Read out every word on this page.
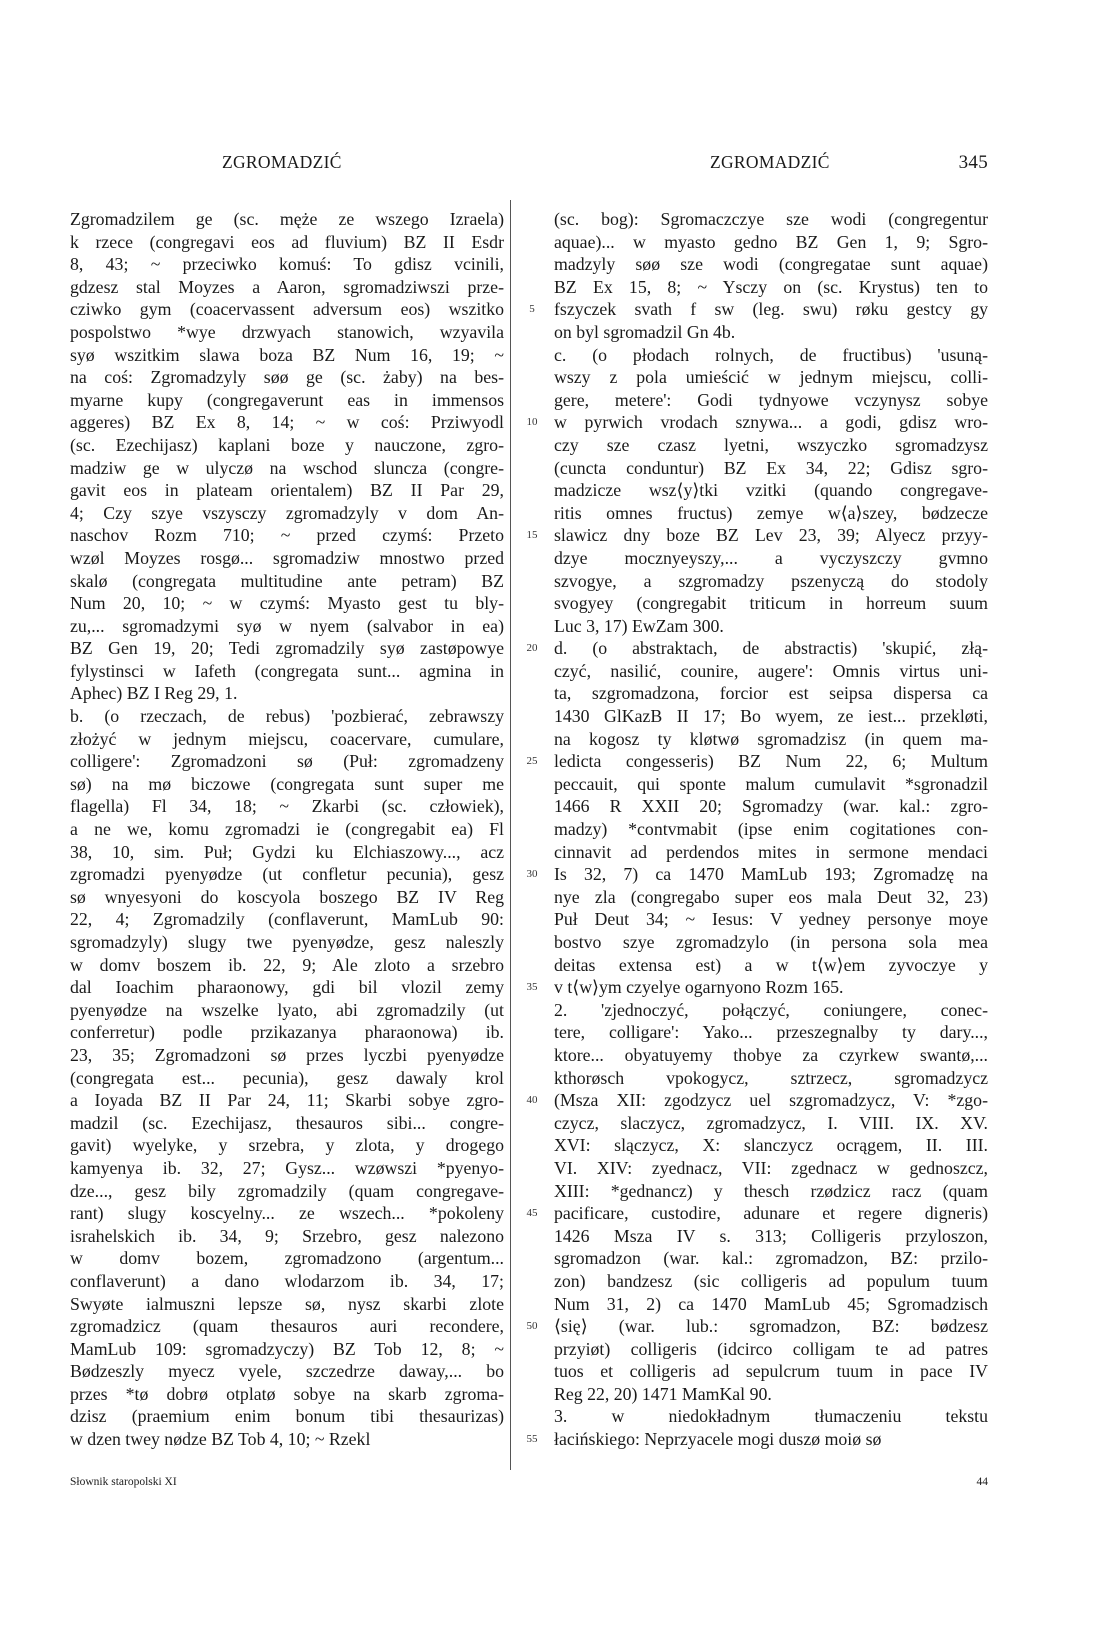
ZGROMADZIĆ	ZGROMADZIĆ	345
Zgromadzilem ge (sc. męże ze wszego Izraela)
k rzece (congregavi eos ad fluvium) BZ II Esdr
8, 43; ~ przeciwko komuś: To gdisz vcinili,
gdzesz stal Moyzes a Aaron, sgromadziwszi prze-
cziwko gym (coacervassent adversum eos) wszitko
pospolstwo *wye drzwyach stanowich, wzyavila
syø wszitkim slawa boza BZ Num 16, 19; ~
na coś: Zgromadzyly søø ge (sc. żaby) na bes-
myarne kupy (congregaverunt eas in immensos
aggeres) BZ Ex 8, 14; ~ w coś: Prziwyodl
(sc. Ezechijasz) kaplani boze y nauczone, zgro-
madziw ge w ulyczø na wschod sluncza (congre-
gavit eos in plateam orientalem) BZ II Par 29,
4; Czy szye vszysczy zgromadzyly v dom An-
naschov Rozm 710; ~ przed czymś: Przeto
wzøl Moyzes rosgø... sgromadziw mnostwo przed
skalø (congregata multitudine ante petram) BZ
Num 20, 10; ~ w czymś: Myasto gest tu bly-
zu,... sgromadzymi syø w nyem (salvabor in ea)
BZ Gen 19, 20; Tedi zgromadzily syø zastøpowye
fylystinsci w Iafeth (congregata sunt... agmina in
Aphec) BZ I Reg 29, 1.
b. (o rzeczach, de rebus) 'pozbierać, zebrawszy
złożyć w jednym miejscu, coacervare, cumulare,
colligere': Zgromadzoni sø (Puł: zgromadzeny
sø) na mø biczowe (congregata sunt super me
flagella) Fl 34, 18; ~ Zkarbi (sc. człowiek),
a ne we, komu zgromadzi ie (congregabit ea) Fl
38, 10, sim. Puł; Gydzi ku Elchiaszowy..., acz
zgromadzi pyenyødze (ut confletur pecunia), gesz
sø wnyesyoni do koscyola boszego BZ IV Reg
22, 4; Zgromadzily (conflaverunt, MamLub 90:
sgromadzyly) slugy twe pyenyødze, gesz naleszly
w domv boszem ib. 22, 9; Ale zloto a srzebro
dal Ioachim pharaonowy, gdi bil vlozil zemy
pyenyødze na wszelke lyato, abi zgromadzily (ut
conferretur) podle przikazanya pharaonowa) ib.
23, 35; Zgromadzoni sø przes lyczbi pyenyødze
(congregata est... pecunia), gesz dawaly krol
a Ioyada BZ II Par 24, 11; Skarbi sobye zgro-
madzil (sc. Ezechijasz, thesauros sibi... congre-
gavit) wyelyke, y srzebra, y zlota, y drogego
kamyenya ib. 32, 27; Gysz... wzøwszi *pyenyo-
dze..., gesz bily zgromadzily (quam congregave-
rant) slugy koscyelny... ze wszech... *pokoleny
israhelskich ib. 34, 9; Srzebro, gesz nalezono
w domv bozem, zgromadzono (argentum...
conflaverunt) a dano wlodarzom ib. 34, 17;
Swyøte ialmuszni lepsze sø, nysz skarbi zlote
zgromadzicz (quam thesauros auri recondere,
MamLub 109: sgromadzyczy) BZ Tob 12, 8; ~
Bødzeszly myecz vyele, szczedrze daway,... bo
przes *tø dobrø otplatø sobye na skarb zgroma-
dzisz (praemium enim bonum tibi thesaurizas)
w dzen twey nødze BZ Tob 4, 10; ~ Rzekl
5
10
15
20
25
30
35
40
45
50
55
(sc. bog): Sgromaczczye sze wodi (congregentur
aquae)... w myasto gedno BZ Gen 1, 9; Sgro-
madzyly søø sze wodi (congregatae sunt aquae)
BZ Ex 15, 8; ~ Ysczy on (sc. Krystus) ten to
fszyczek svath f sw (leg. swu) røku gestcy gy
on byl sgromadzil Gn 4b.
c. (o płodach rolnych, de fructibus) 'usuną-
wszy z pola umieścić w jednym miejscu, colli-
gere, metere': Godi tydnyowe vczynysz sobye
w pyrwich vrodach sznywa... a godi, gdisz wro-
czy sze czasz lyetni, wszyczko sgromadzysz
(cuncta conduntur) BZ Ex 34, 22; Gdisz sgro-
madzicze wsz⟨y⟩tki vzitki (quando congregave-
ritis omnes fructus) zemye w⟨a⟩szey, bødzecze
slawicz dny boze BZ Lev 23, 39; Alyecz przyy-
dzye mocznyeyszy,... a vyczyszczy gvmno
szvogye, a szgromadzy pszenyczą do stodoly
svogyey (congregabit triticum in horreum suum
Luc 3, 17) EwZam 300.
d. (o abstraktach, de abstractis) 'skupić, złą-
czyć, nasilić, counire, augere': Omnis virtus uni-
ta, szgromadzona, forcior est seipsa dispersa ca
1430 GlKazB II 17; Bo wyem, ze iest... przekløti,
na kogosz ty kløtwø sgromadzisz (in quem ma-
ledicta congesseris) BZ Num 22, 6; Multum
peccauit, qui sponte malum cumulavit *sgronadzil
1466 R XXII 20; Sgromadzy (war. kal.: zgro-
madzy) *contvmabit (ipse enim cogitationes con-
cinnavit ad perdendos mites in sermone mendaci
Is 32, 7) ca 1470 MamLub 193; Zgromadzę na
nye zla (congregabo super eos mala Deut 32, 23)
Puł Deut 34; ~ Iesus: V yedney personye moye
bostvo szye zgromadzylo (in persona sola mea
deitas extensa est) a w t⟨w⟩em zyvoczye y
v t⟨w⟩ym czyelye ogarnyono Rozm 165.
2. 'zjednoczyć, połączyć, coniungere, conec-
tere, colligare': Yako... przeszegnalby ty dary...,
ktore... obyatuyemy thobye za czyrkew swantø,...
kthorøsch vpokogycz, sztrzecz, sgromadzycz
(Msza XII: zgodzycz uel szgromadzycz, V: *zgo-
czycz, slaczycz, zgromadzycz, I. VIII. IX. XV.
XVI: slączycz, X: slanczycz ocrągem, II. III.
VI. XIV: zyednacz, VII: zgednacz w gednoszcz,
XIII: *gednancz) y thesch rzødzicz racz (quam
pacificare, custodire, adunare et regere digneris)
1426 Msza IV s. 313; Colligeris przyloszon,
sgromadzon (war. kal.: zgromadzon, BZ: przilo-
zon) bandzesz (sic colligeris ad populum tuum
Num 31, 2) ca 1470 MamLub 45; Sgromadzisch
⟨się⟩ (war. lub.: sgromadzon, BZ: bødzesz
przyiøt) colligeris (idcirco colligam te ad patres
tuos et colligeris ad sepulcrum tuum in pace IV
Reg 22, 20) 1471 MamKal 90.
3. w niedokładnym tłumaczeniu tekstu
łacińskiego: Neprzyacele mogi duszø moiø sø
Słownik staropolski XI	44
